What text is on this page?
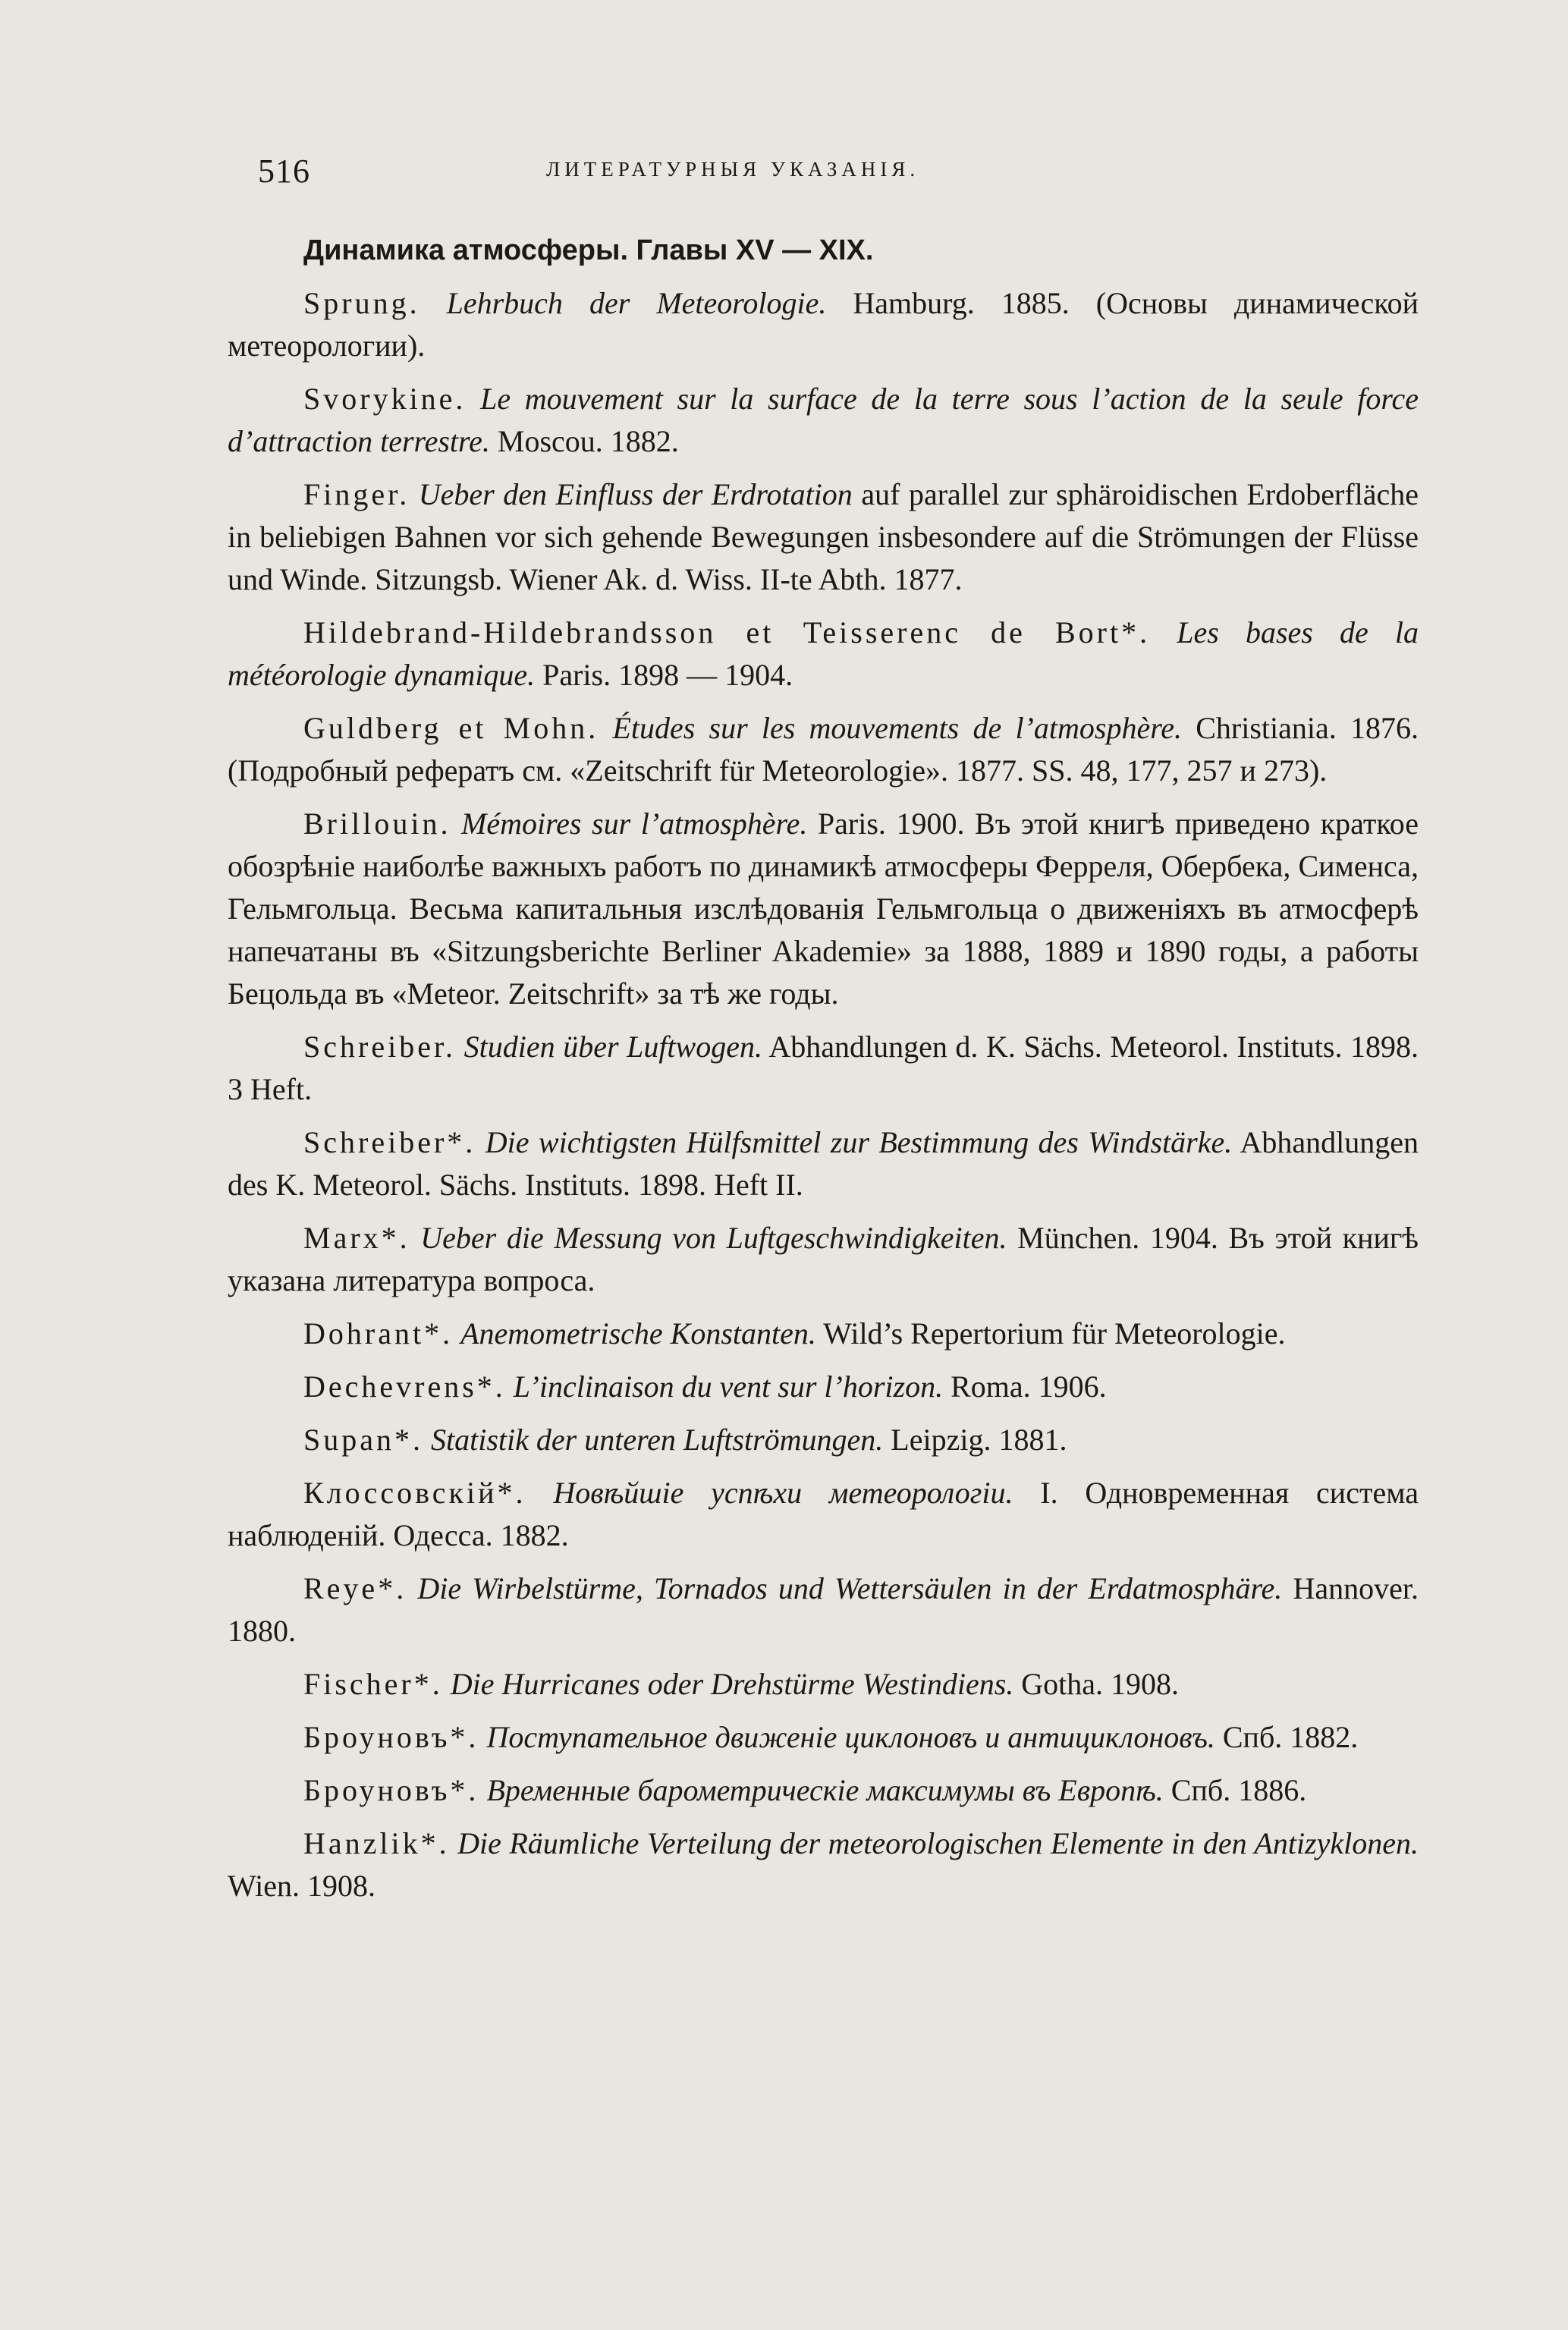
516	ЛИТЕРАТУРНЫЯ УКАЗАНІЯ.
Динамика атмосферы. Главы XV — XIX.

Sprung. Lehrbuch der Meteorologie. Hamburg. 1885. (Основы динамической метеорологии).

Svorykine. Le mouvement sur la surface de la terre sous l’action de la seule force d’attraction terrestre. Moscou. 1882.

Finger. Ueber den Einfluss der Erdrotation auf parallel zur sphäroidischen Erdoberfläche in beliebigen Bahnen vor sich gehende Bewegungen insbesondere auf die Strömungen der Flüsse und Winde. Sitzungsb. Wiener Ak. d. Wiss. II-te Abth. 1877.

Hildebrand-Hildebrandsson et Teisserenc de Bort*. Les bases de la météorologie dynamique. Paris. 1898 — 1904.

Guldberg et Mohn. Études sur les mouvements de l’atmosphère. Christiania. 1876. (Подробный рефератъ см. «Zeitschrift für Meteorologie». 1877. SS. 48, 177, 257 и 273).

Brillouin. Mémoires sur l’atmosphère. Paris. 1900. Въ этой книгѣ приведено краткое обозрѣніе наиболѣе важныхъ работъ по динамикѣ атмосферы Ферреля, Обербека, Сименса, Гельмгольца. Весьма капитальныя изслѣдованія Гельмгольца о движеніяхъ въ атмосферѣ напечатаны въ «Sitzungsberichte Berliner Akademie» за 1888, 1889 и 1890 годы, а работы Бецольда въ «Meteor. Zeitschrift» за тѣ же годы.

Schreiber. Studien über Luftwogen. Abhandlungen d. K. Sächs. Meteorol. Instituts. 1898. 3 Heft.

Schreiber*. Die wichtigsten Hülfsmittel zur Bestimmung des Windstärke. Abhandlungen des K. Meteorol. Sächs. Instituts. 1898. Heft II.

Marx*. Ueber die Messung von Luftgeschwindigkeiten. München. 1904. Въ этой книгѣ указана литература вопроса.

Dohrant*. Anemometrische Konstanten. Wild’s Repertorium für Meteorologie.

Dechevrens*. L’inclinaison du vent sur l’horizon. Roma. 1906.

Supan*. Statistik der unteren Luftströmungen. Leipzig. 1881.

Клоссовскій*. Новѣйшіе успѣхи метеорологіи. I. Одновременная система наблюденій. Одесса. 1882.

Reye*. Die Wirbelstürme, Tornados und Wettersäulen in der Erdatmosphäre. Hannover. 1880.

Fischer*. Die Hurricanes oder Drehstürme Westindiens. Gotha. 1908.

Броуновъ*. Поступательное движеніе циклоновъ и антициклоновъ. Спб. 1882.

Броуновъ*. Временные барометрическіе максимумы въ Европѣ. Спб. 1886.

Hanzlik*. Die Räumliche Verteilung der meteorologischen Elemente in den Antizyklonen. Wien. 1908.
